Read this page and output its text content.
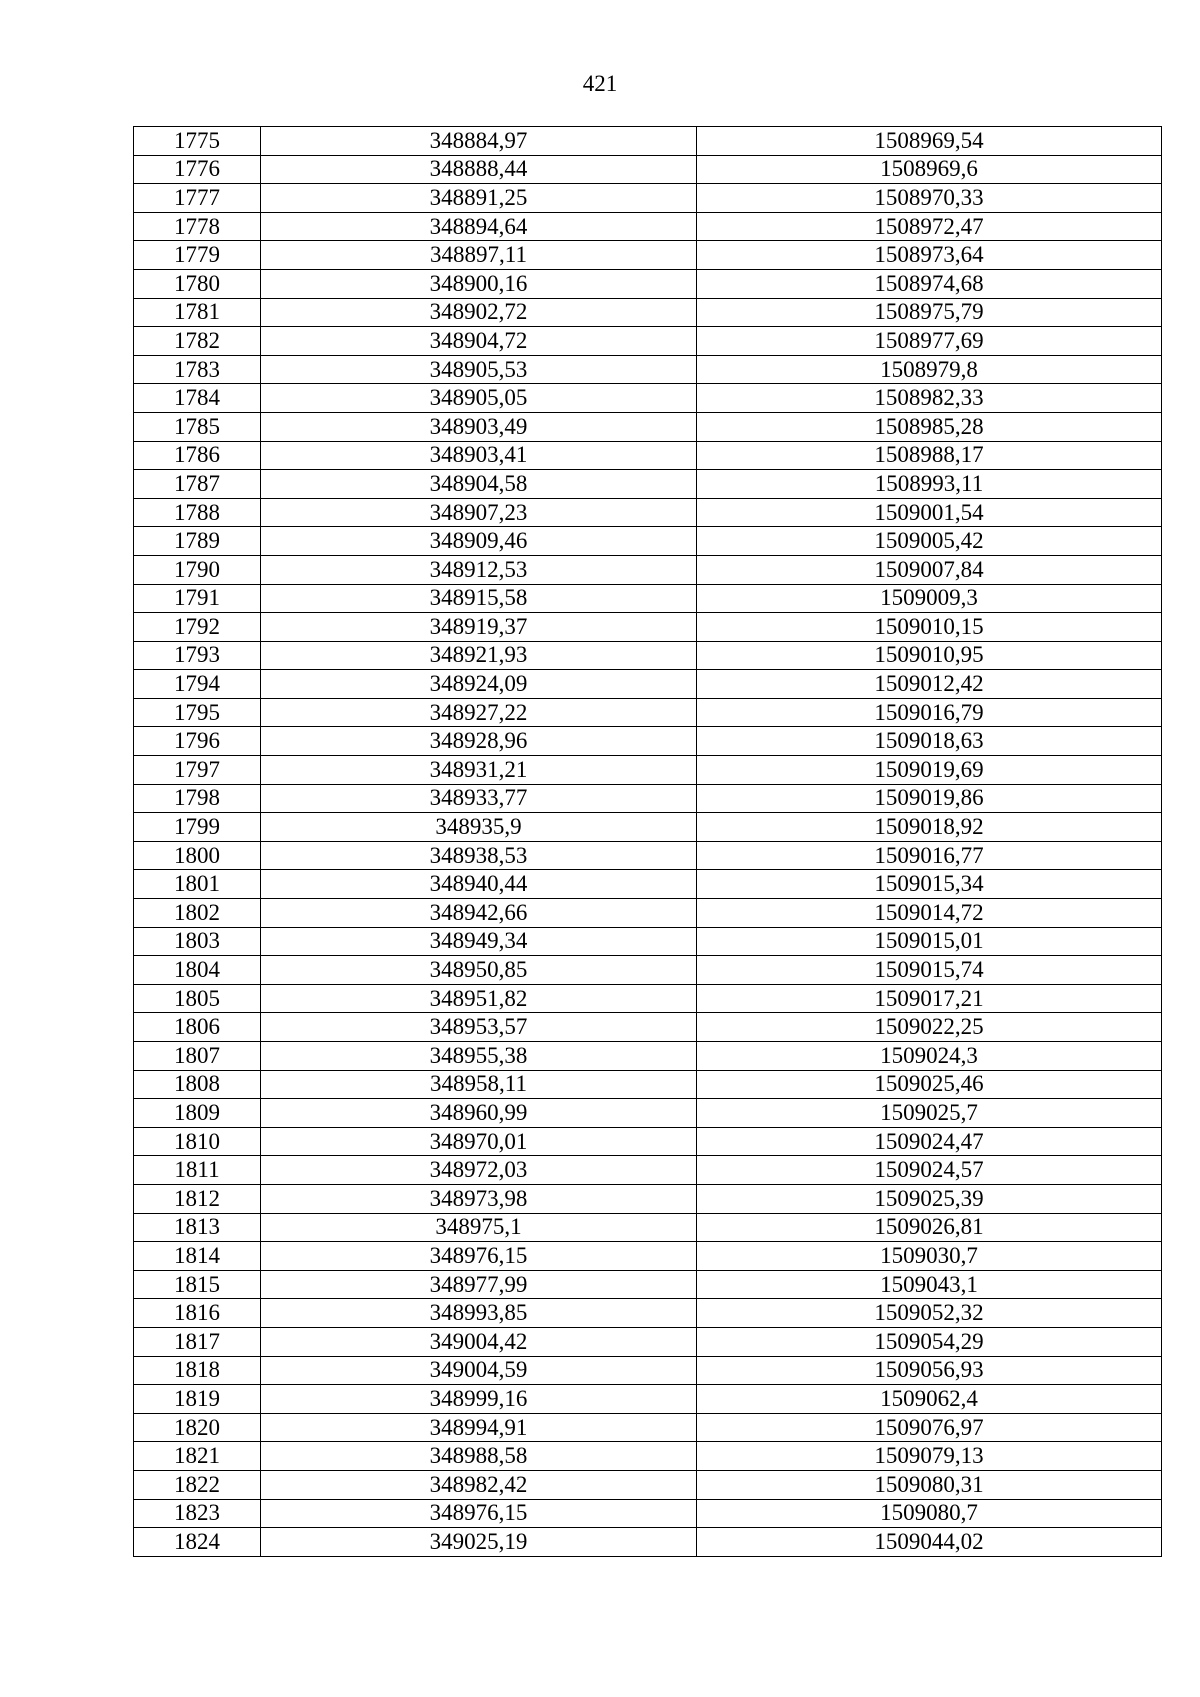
421
1775	348884,97	1508969,54
1776	348888,44	1508969,6
1777	348891,25	1508970,33
1778	348894,64	1508972,47
1779	348897,11	1508973,64
1780	348900,16	1508974,68
1781	348902,72	1508975,79
1782	348904,72	1508977,69
1783	348905,53	1508979,8
1784	348905,05	1508982,33
1785	348903,49	1508985,28
1786	348903,41	1508988,17
1787	348904,58	1508993,11
1788	348907,23	1509001,54
1789	348909,46	1509005,42
1790	348912,53	1509007,84
1791	348915,58	1509009,3
1792	348919,37	1509010,15
1793	348921,93	1509010,95
1794	348924,09	1509012,42
1795	348927,22	1509016,79
1796	348928,96	1509018,63
1797	348931,21	1509019,69
1798	348933,77	1509019,86
1799	348935,9	1509018,92
1800	348938,53	1509016,77
1801	348940,44	1509015,34
1802	348942,66	1509014,72
1803	348949,34	1509015,01
1804	348950,85	1509015,74
1805	348951,82	1509017,21
1806	348953,57	1509022,25
1807	348955,38	1509024,3
1808	348958,11	1509025,46
1809	348960,99	1509025,7
1810	348970,01	1509024,47
1811	348972,03	1509024,57
1812	348973,98	1509025,39
1813	348975,1	1509026,81
1814	348976,15	1509030,7
1815	348977,99	1509043,1
1816	348993,85	1509052,32
1817	349004,42	1509054,29
1818	349004,59	1509056,93
1819	348999,16	1509062,4
1820	348994,91	1509076,97
1821	348988,58	1509079,13
1822	348982,42	1509080,31
1823	348976,15	1509080,7
1824	349025,19	1509044,02
